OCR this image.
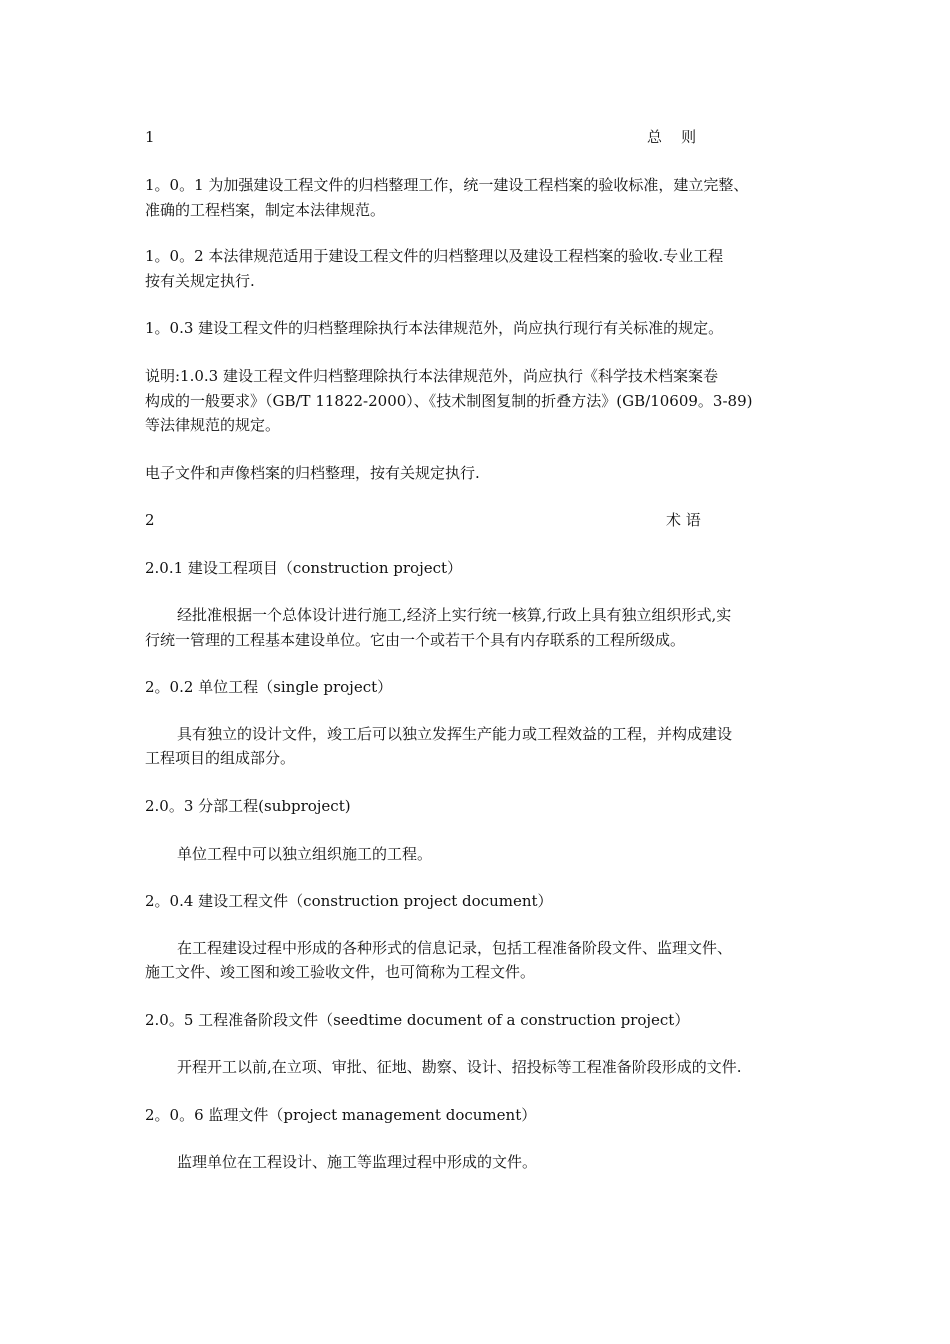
1	总    则
1。0。1 为加强建设工程文件的归档整理工作，统一建设工程档案的验收标准，建立完整、
准确的工程档案，制定本法律规范。
1。0。2 本法律规范适用于建设工程文件的归档整理以及建设工程档案的验收.专业工程
按有关规定执行.
1。0.3 建设工程文件的归档整理除执行本法律规范外，尚应执行现行有关标准的规定。
说明:1.0.3 建设工程文件归档整理除执行本法律规范外，尚应执行《科学技术档案案卷
构成的一般要求》（GB/T 11822-2000）、《技术制图复制的折叠方法》(GB/10609。3-89)
等法律规范的规定。
电子文件和声像档案的归档整理，按有关规定执行.
2	术 语
2.0.1 建设工程项目（construction project）
经批准根据一个总体设计进行施工,经济上实行统一核算,行政上具有独立组织形式,实
行统一管理的工程基本建设单位。它由一个或若干个具有内存联系的工程所级成。
2。0.2 单位工程（single project）
具有独立的设计文件，竣工后可以独立发挥生产能力或工程效益的工程，并构成建设
工程项目的组成部分。
2.0。3 分部工程(subproject)
单位工程中可以独立组织施工的工程。
2。0.4 建设工程文件（construction project document）
在工程建设过程中形成的各种形式的信息记录，包括工程准备阶段文件、监理文件、
施工文件、竣工图和竣工验收文件，也可简称为工程文件。
2.0。5 工程准备阶段文件（seedtime document of a construction project）
开程开工以前,在立项、审批、征地、勘察、设计、招投标等工程准备阶段形成的文件.
2。0。6 监理文件（project management document）
监理单位在工程设计、施工等监理过程中形成的文件。
